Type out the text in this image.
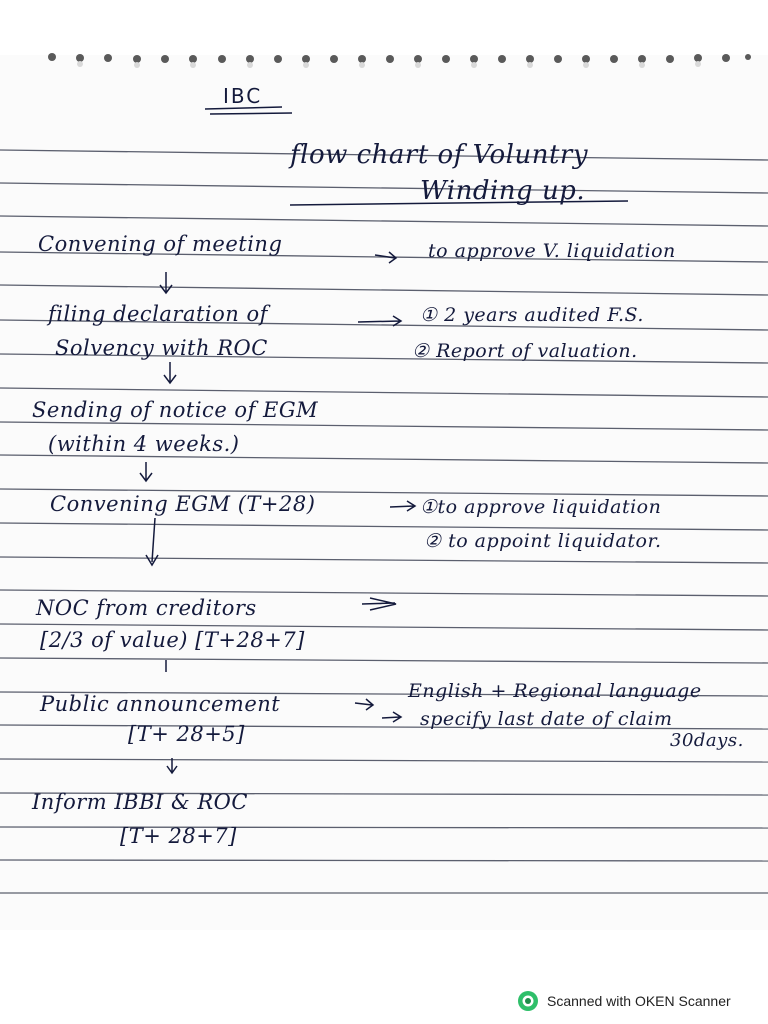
IBC
flow chart of Voluntry
Winding up.
Convening of meeting	to approve V. liquidation
filing declaration of
Solvency with ROC
① 2 years audited F.S.
② Report of valuation.
Sending of notice of EGM
(within 4 weeks.)
Convening EGM (T+28)	①to approve liquidation
② to appoint liquidator.
NOC from creditors
[2/3 of value) [T+28+7]
Public announcement
[T+ 28+5]
English + Regional language
specify last date of claim
30days.
Inform IBBI & ROC
[T+ 28+7]
Scanned with OKEN Scanner
